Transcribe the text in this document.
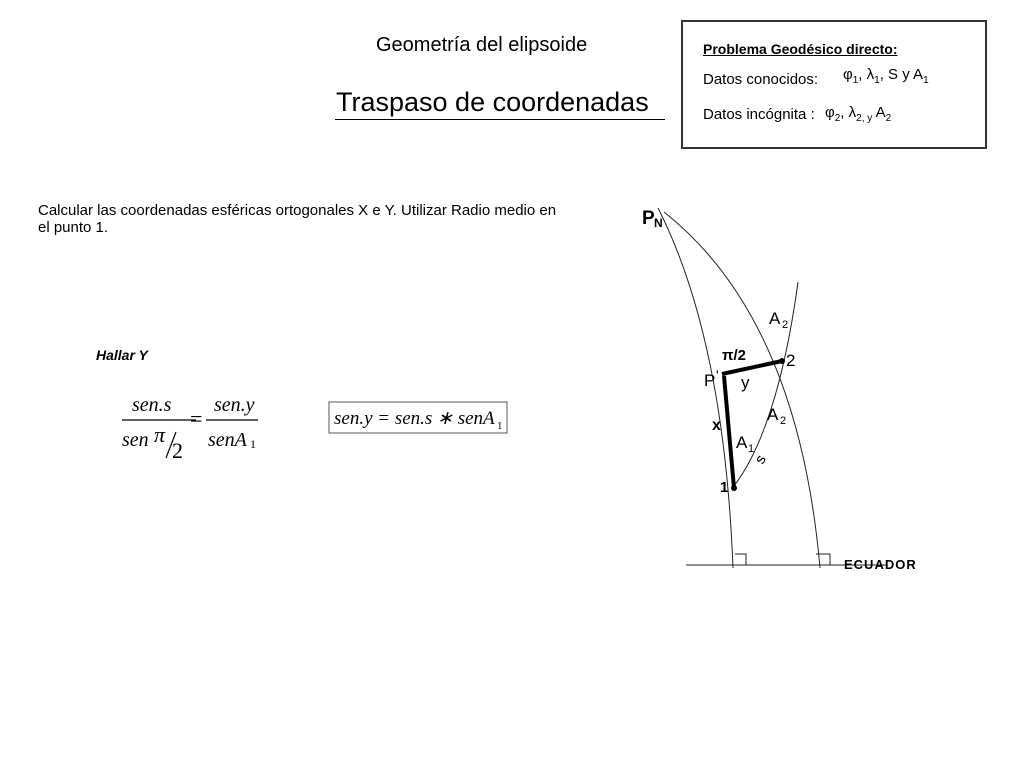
Geometría del elipsoide
Traspaso de coordenadas
Problema Geodésico directo:
Datos conocidos: $\varphi_1$, $\lambda_1$, S y $A_1$
Datos incógnita : $\varphi_2$, $\lambda_{2, y}$ $A_2$
Calcular las coordenadas esféricas ortogonales X e Y. Utilizar Radio medio en el punto 1.
Hallar Y
sen.s
sen π
2
=
sen.y
senA 1
sen.y = sen.s ∗ senA 1
P N
A 2
π/2 2
P ' y
A 2
x
A 1
s
1
ECUADOR
